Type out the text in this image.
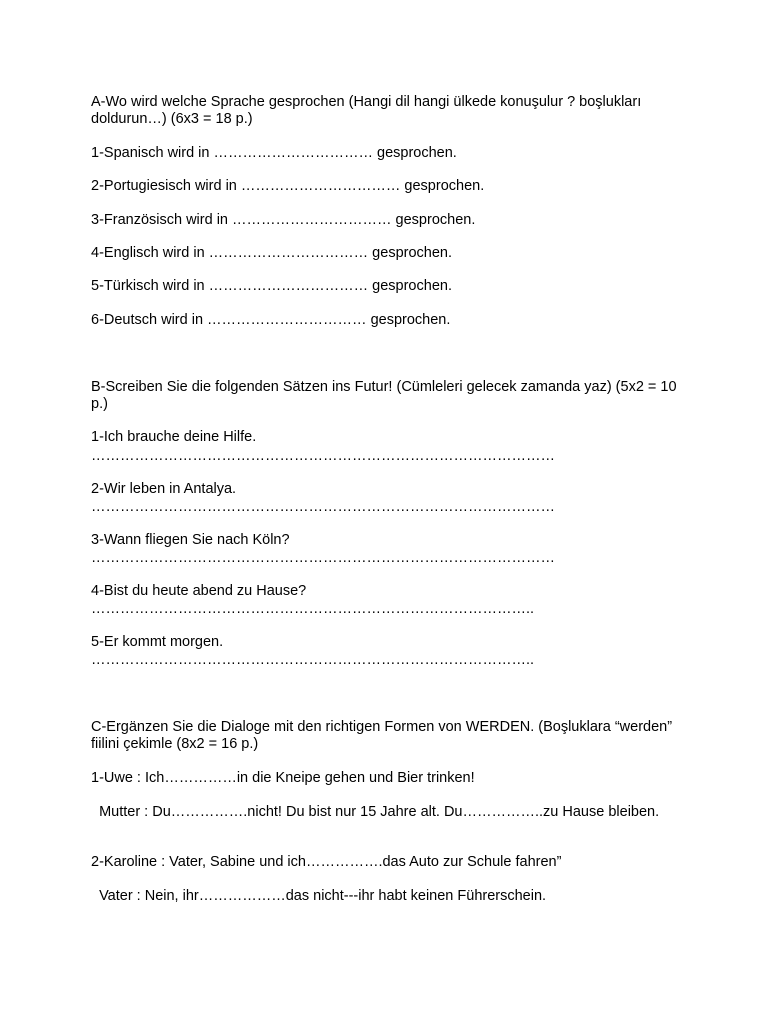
A-Wo wird welche Sprache gesprochen (Hangi dil hangi ülkede konuşulur ? boşlukları doldurun…) (6x3 = 18 p.)
1-Spanisch wird in …………………………… gesprochen.
2-Portugiesisch wird in …………………………… gesprochen.
3-Französisch wird in …………………………… gesprochen.
4-Englisch wird in …………………………… gesprochen.
5-Türkisch wird in …………………………… gesprochen.
6-Deutsch wird in …………………………… gesprochen.
B-Screiben Sie die folgenden Sätzen ins Futur! (Cümleleri gelecek zamanda yaz) (5x2 = 10 p.)
1-Ich brauche deine Hilfe.
……………………………………………………………………………………
2-Wir leben in Antalya.
……………………………………………………………………………………
3-Wann fliegen Sie nach Köln?
……………………………………………………………………………………
4-Bist du heute abend zu Hause?
………………………………………………………………………………..
5-Er kommt morgen.
………………………………………………………………………………..
C-Ergänzen Sie die Dialoge mit den richtigen Formen von WERDEN. (Boşluklara “werden” fiilini çekimle (8x2 = 16 p.)
1-Uwe : Ich……………in die Kneipe gehen und Bier trinken!
Mutter : Du…………….nicht! Du bist nur 15 Jahre alt. Du……………..zu Hause bleiben.
2-Karoline : Vater, Sabine und ich…………….das Auto zur Schule fahren”
Vater : Nein, ihr………………das nicht---ihr habt keinen Führerschein.
